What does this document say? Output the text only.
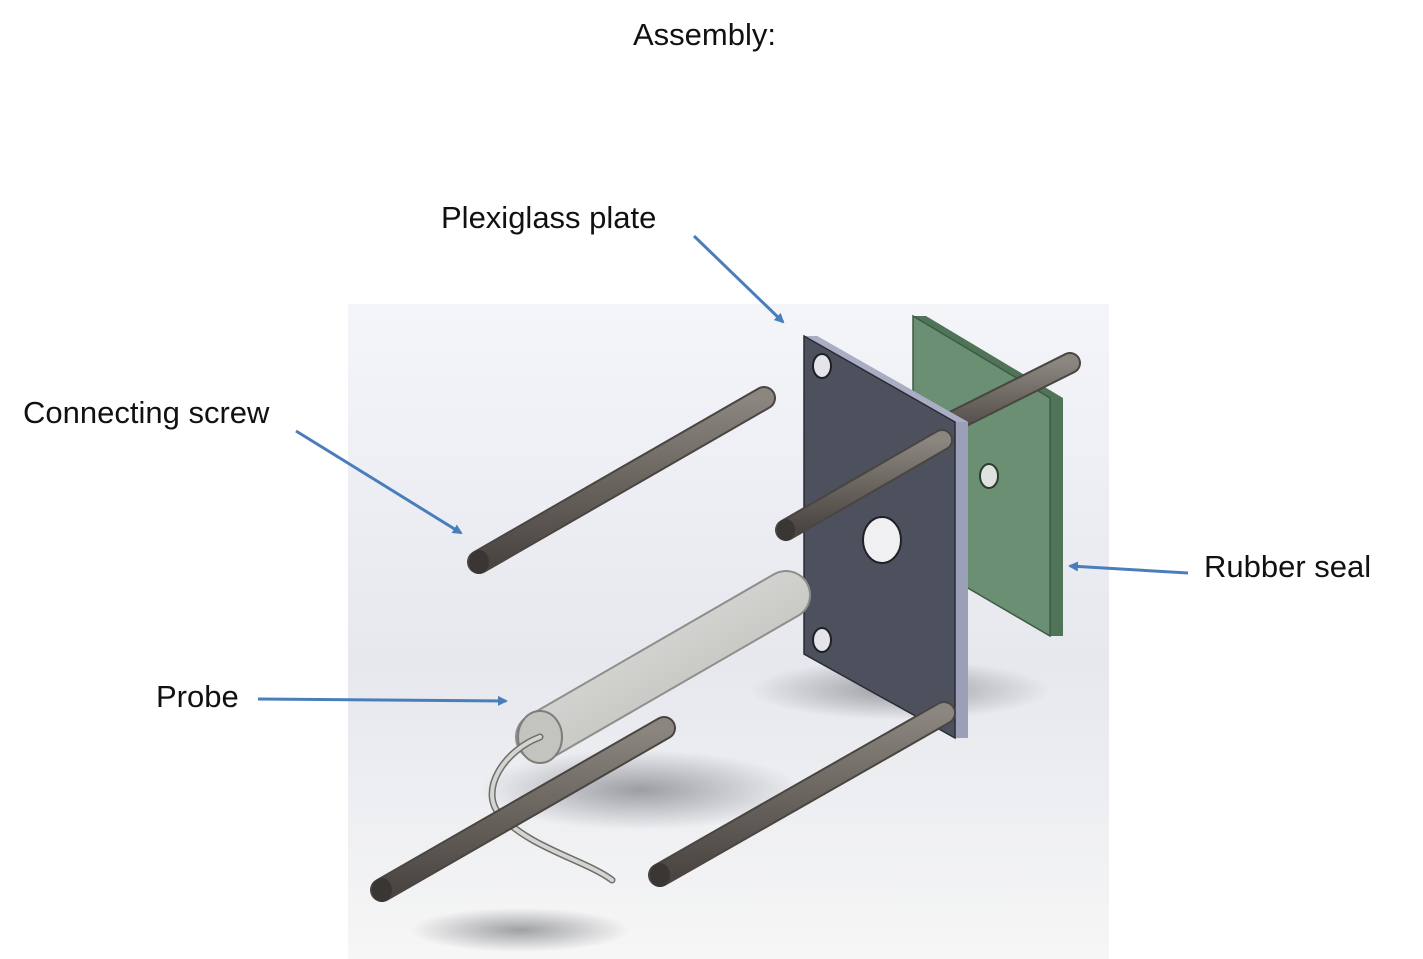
Assembly:
Plexiglass plate
Connecting screw
Rubber seal
Probe
